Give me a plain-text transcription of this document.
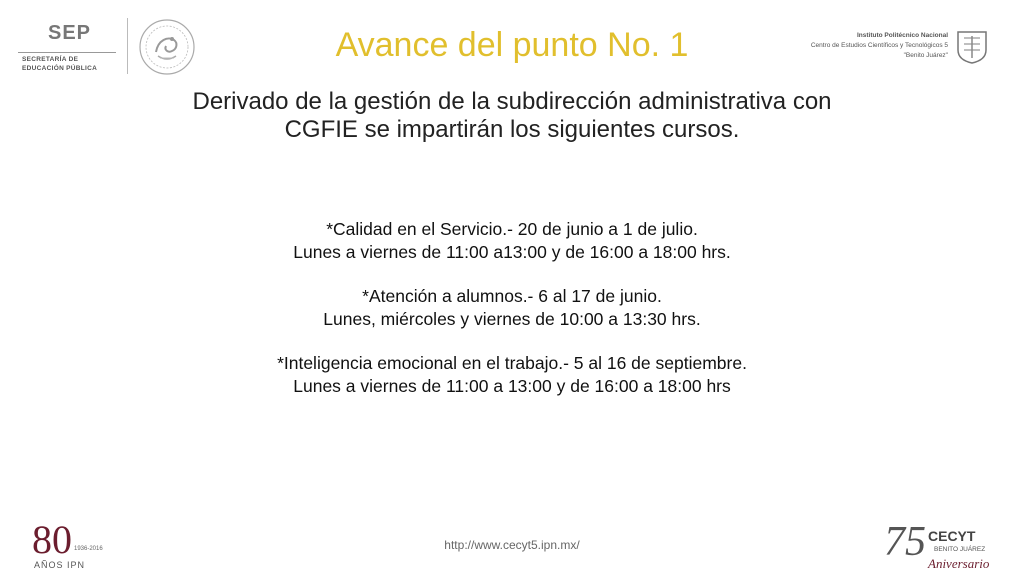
SEP
SECRETARÍA DE
EDUCACIÓN PÚBLICA
Avance del punto No. 1	Instituto Politécnico Nacional
Centro de Estudios Científicos y Tecnológicos 5
"Benito Juárez"
Derivado de la gestión de la subdirección administrativa con
CGFIE se impartirán los siguientes cursos.

*Calidad en el Servicio.- 20 de junio a 1 de julio.

Lunes a viernes de 11:00 a13:00 y de 16:00 a 18:00 hrs.

*Atención a alumnos.- 6 al 17 de junio.

Lunes, miércoles y viernes de 10:00 a 13:30 hrs.

*Inteligencia emocional en el trabajo.- 5 al 16 de septiembre.

Lunes a viernes de 11:00 a 13:00 y de 16:00 a 18:00 hrs

http://www.cecyt5.ipn.mx/
80 1936-2016
AÑOS IPN	75 CECYT
BENITO JUÁREZ
Aniversario
